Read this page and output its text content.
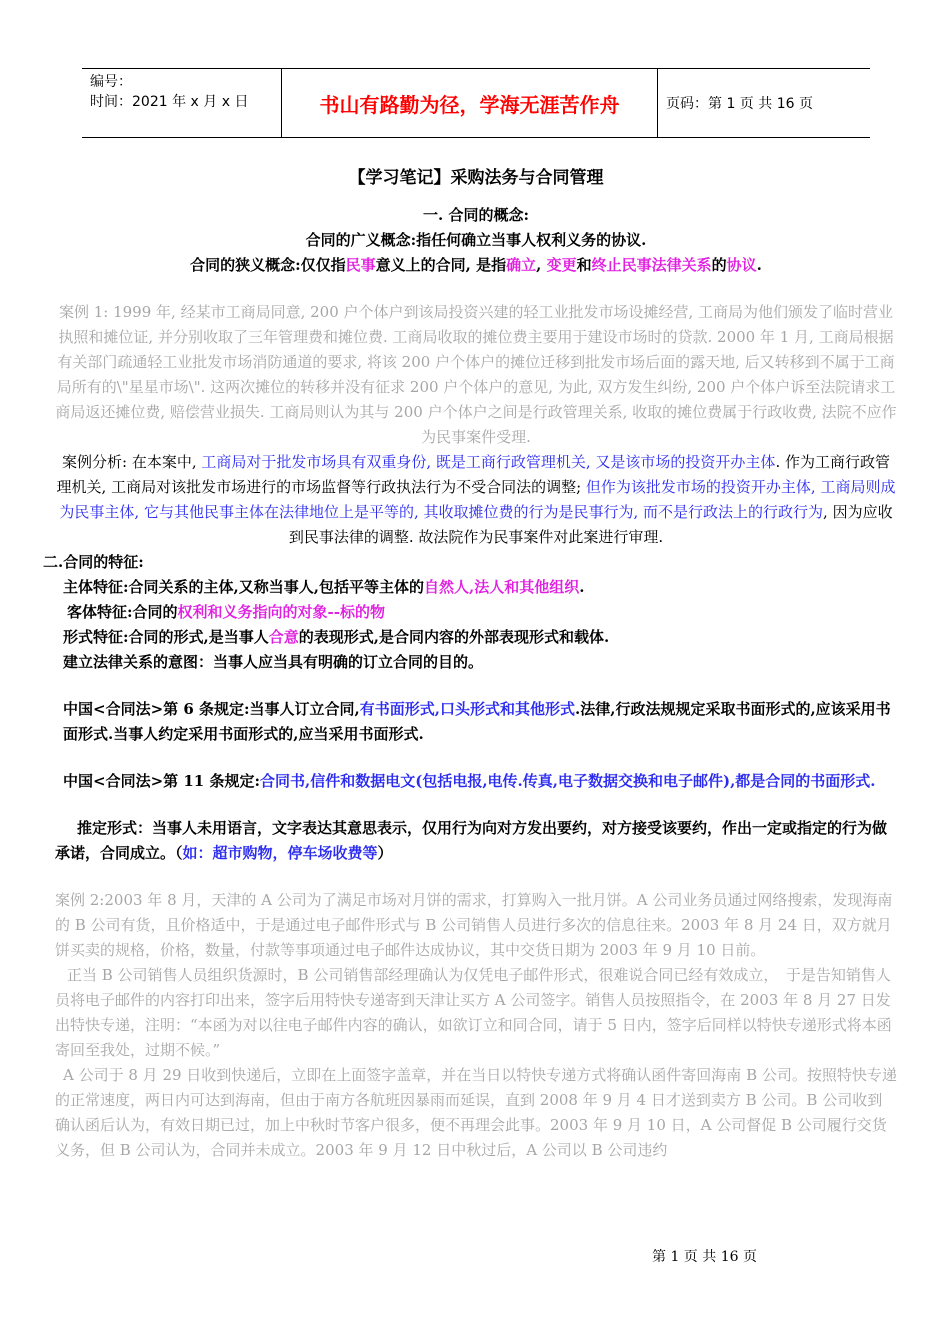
编号：
时间：2021 年 x 月 x 日	书山有路勤为径，学海无涯苦作舟	页码：第 1 页 共 16 页

【学习笔记】采购法务与合同管理

一. 合同的概念:

合同的广义概念:指任何确立当事人权利义务的协议.

合同的狭义概念:仅仅指民事意义上的合同, 是指确立, 变更和终止民事法律关系的协议.

案例 1: 1999 年, 经某市工商局同意, 200 户个体户到该局投资兴建的轻工业批发市场设摊经营, 工商局为他们颁发了临时营业执照和摊位证, 并分别收取了三年管理费和摊位费. 工商局收取的摊位费主要用于建设市场时的贷款. 2000 年 1 月, 工商局根据有关部门疏通轻工业批发市场消防通道的要求, 将该 200 户个体户的摊位迁移到批发市场后面的露天地, 后又转移到不属于工商局所有的\"星星市场\". 这两次摊位的转移并没有征求 200 户个体户的意见, 为此, 双方发生纠纷, 200 户个体户诉至法院请求工商局返还摊位费, 赔偿营业损失. 工商局则认为其与 200 户个体户之间是行政管理关系, 收取的摊位费属于行政收费, 法院不应作为民事案件受理.

案例分析: 在本案中, 工商局对于批发市场具有双重身份, 既是工商行政管理机关, 又是该市场的投资开办主体. 作为工商行政管理机关, 工商局对该批发市场进行的市场监督等行政执法行为不受合同法的调整; 但作为该批发市场的投资开办主体, 工商局则成为民事主体, 它与其他民事主体在法律地位上是平等的, 其收取摊位费的行为是民事行为, 而不是行政法上的行政行为, 因为应收到民事法律的调整. 故法院作为民事案件对此案进行审理.

二.合同的特征:

主体特征:合同关系的主体,又称当事人,包括平等主体的自然人,法人和其他组织.

客体特征:合同的权利和义务指向的对象--标的物

形式特征:合同的形式,是当事人合意的表现形式,是合同内容的外部表现形式和载体.

建立法律关系的意图：当事人应当具有明确的订立合同的目的。

中国<合同法>第 6 条规定:当事人订立合同,有书面形式,口头形式和其他形式.法律,行政法规规定采取书面形式的,应该采用书面形式.当事人约定采用书面形式的,应当采用书面形式.

中国<合同法>第 11 条规定:合同书,信件和数据电文(包括电报,电传.传真,电子数据交换和电子邮件),都是合同的书面形式.

推定形式：当事人未用语言，文字表达其意思表示，仅用行为向对方发出要约，对方接受该要约，作出一定或指定的行为做承诺，合同成立。（如：超市购物，停车场收费等）

案例 2:2003 年 8 月，天津的 A 公司为了满足市场对月饼的需求，打算购入一批月饼。A 公司业务员通过网络搜索，发现海南的 B 公司有货，且价格适中，于是通过电子邮件形式与 B 公司销售人员进行多次的信息往来。2003 年 8 月 24 日，双方就月饼买卖的规格，价格，数量，付款等事项通过电子邮件达成协议，其中交货日期为 2003 年 9 月 10 日前。

正当 B 公司销售人员组织货源时，B 公司销售部经理确认为仅凭电子邮件形式，很难说合同已经有效成立，　于是告知销售人员将电子邮件的内容打印出来，签字后用特快专递寄到天津让买方 A 公司签字。销售人员按照指令，在 2003 年 8 月 27 日发出特快专递，注明：“本函为对以往电子邮件内容的确认，如欲订立和同合同，请于 5 日内，签字后同样以特快专递形式将本函寄回至我处，过期不候。”

A 公司于 8 月 29 日收到快递后，立即在上面签字盖章，并在当日以特快专递方式将确认函件寄回海南 B 公司。按照特快专递的正常速度，两日内可达到海南，但由于南方各航班因暴雨而延误，直到 2008 年 9 月 4 日才送到卖方 B 公司。B 公司收到确认函后认为，有效日期已过，加上中秋时节客户很多，便不再理会此事。2003 年 9 月 10 日，A 公司督促 B 公司履行交货义务，但 B 公司认为，合同并未成立。2003 年 9 月 12 日中秋过后，A 公司以 B 公司违约

第 1 页 共 16 页
